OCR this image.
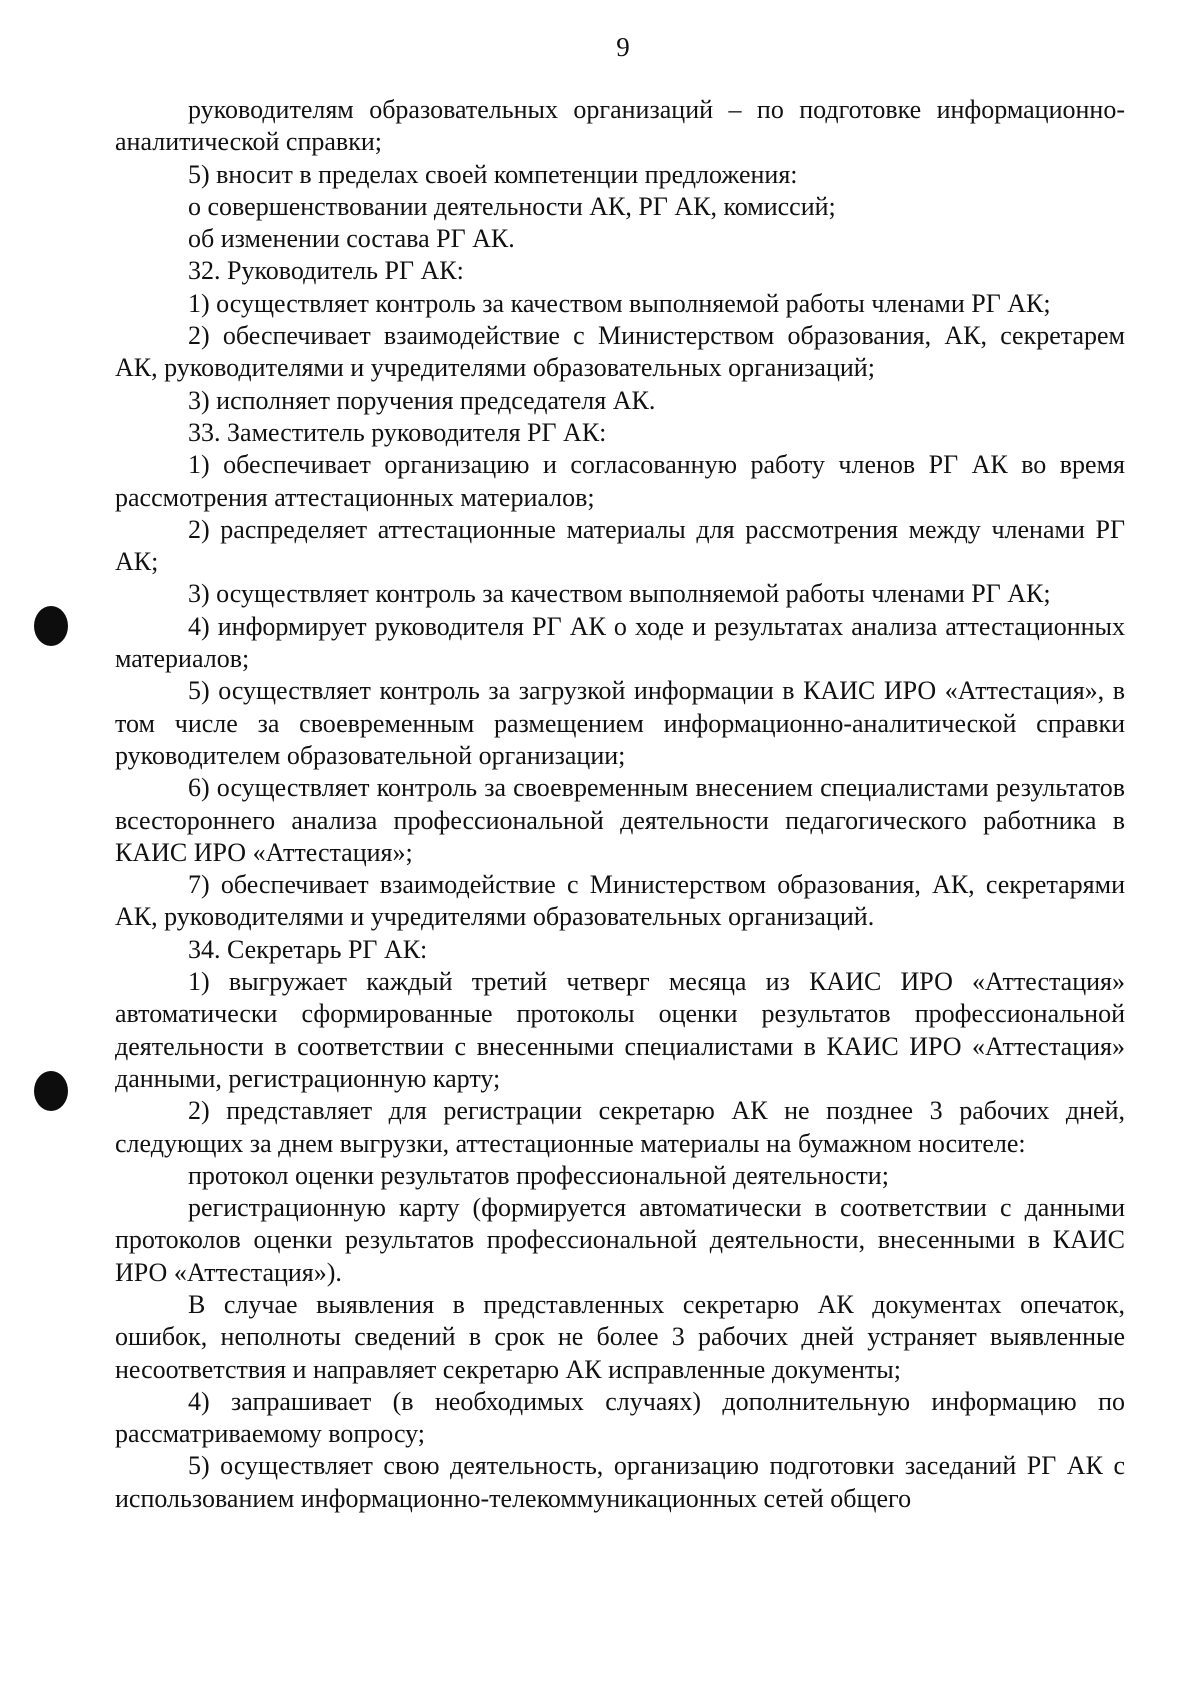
9

руководителям образовательных организаций – по подготовке информационно-аналитической справки;

5) вносит в пределах своей компетенции предложения:

о совершенствовании деятельности АК, РГ АК, комиссий;

об изменении состава РГ АК.

32. Руководитель РГ АК:

1) осуществляет контроль за качеством выполняемой работы членами РГ АК;

2) обеспечивает взаимодействие с Министерством образования, АК, секретарем АК, руководителями и учредителями образовательных организаций;

3) исполняет поручения председателя АК.

33. Заместитель руководителя РГ АК:

1) обеспечивает организацию и согласованную работу членов РГ АК во время рассмотрения аттестационных материалов;

2) распределяет аттестационные материалы для рассмотрения между членами РГ АК;

3) осуществляет контроль за качеством выполняемой работы членами РГ АК;

4) информирует руководителя РГ АК о ходе и результатах анализа аттестационных материалов;

5) осуществляет контроль за загрузкой информации в КАИС ИРО «Аттестация», в том числе за своевременным размещением информационно-аналитической справки руководителем образовательной организации;

6) осуществляет контроль за своевременным внесением специалистами результатов всестороннего анализа профессиональной деятельности педагогического работника в КАИС ИРО «Аттестация»;

7) обеспечивает взаимодействие с Министерством образования, АК, секретарями АК, руководителями и учредителями образовательных организаций.

34. Секретарь РГ АК:

1) выгружает каждый третий четверг месяца из КАИС ИРО «Аттестация» автоматически сформированные протоколы оценки результатов профессиональной деятельности в соответствии с внесенными специалистами в КАИС ИРО «Аттестация» данными, регистрационную карту;

2) представляет для регистрации секретарю АК не позднее 3 рабочих дней, следующих за днем выгрузки, аттестационные материалы на бумажном носителе:

протокол оценки результатов профессиональной деятельности;

регистрационную карту (формируется автоматически в соответствии с данными протоколов оценки результатов профессиональной деятельности, внесенными в КАИС ИРО «Аттестация»).

В случае выявления в представленных секретарю АК документах опечаток, ошибок, неполноты сведений в срок не более 3 рабочих дней устраняет выявленные несоответствия и направляет секретарю АК исправленные документы;

4) запрашивает (в необходимых случаях) дополнительную информацию по рассматриваемому вопросу;

5) осуществляет свою деятельность, организацию подготовки заседаний РГ АК с использованием информационно-телекоммуникационных сетей общего
